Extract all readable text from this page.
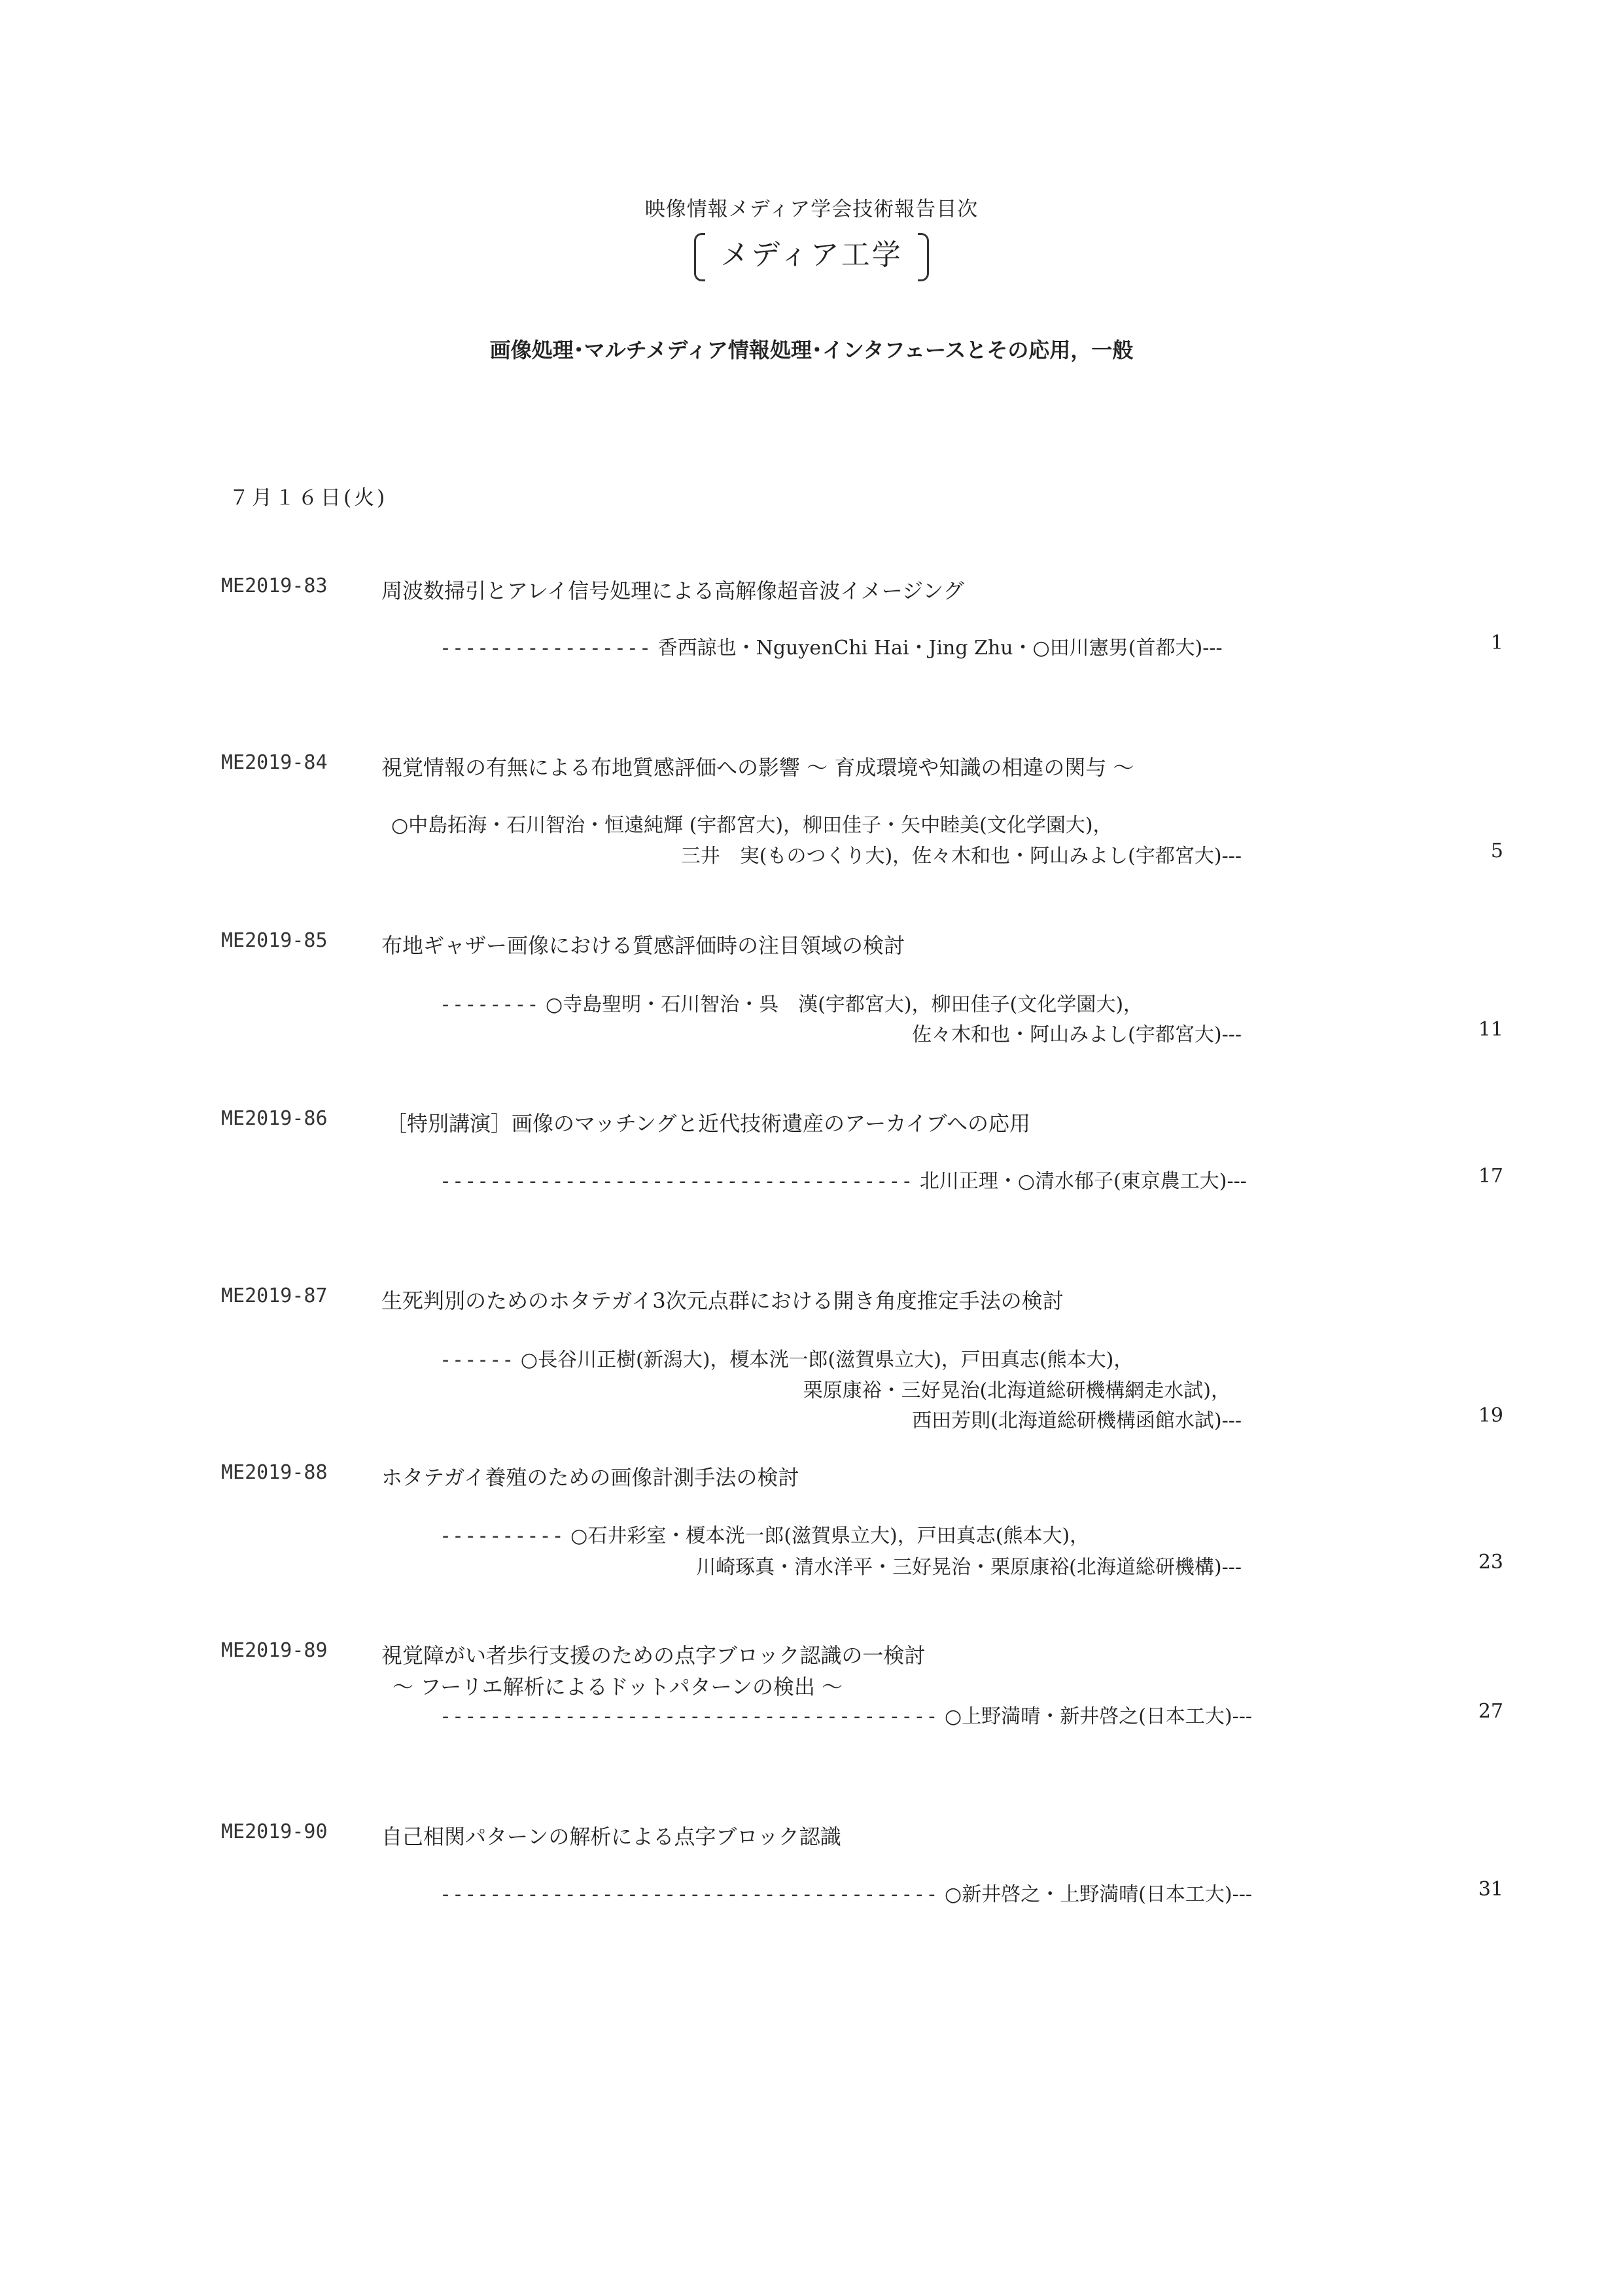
映像情報メディア学会技術報告目次
メディア工学
画像処理･マルチメディア情報処理･インタフェースとその応用，一般
７月１６日(火)
ME2019-83	周波数掃引とアレイ信号処理による高解像超音波イメージング
----------------- 香西諒也・NguyenChi Hai・Jing Zhu・○田川憲男(首都大)---	1
ME2019-84	視覚情報の有無による布地質感評価への影響 ～ 育成環境や知識の相違の関与 ～
○中島拓海・石川智治・恒遠純輝 (宇都宮大)，柳田佳子・矢中睦美(文化学園大)，
三井　実(ものつくり大)，佐々木和也・阿山みよし(宇都宮大)---	5
ME2019-85	布地ギャザー画像における質感評価時の注目領域の検討
-------- ○寺島聖明・石川智治・呉　漢(宇都宮大)，柳田佳子(文化学園大)，
佐々木和也・阿山みよし(宇都宮大)---	11
ME2019-86	［特別講演］画像のマッチングと近代技術遺産のアーカイブへの応用
-------------------------------------- 北川正理・○清水郁子(東京農工大)---	17
ME2019-87	生死判別のためのホタテガイ3次元点群における開き角度推定手法の検討
------ ○長谷川正樹(新潟大)，榎本洸一郎(滋賀県立大)，戸田真志(熊本大)，
栗原康裕・三好晃治(北海道総研機構網走水試)，
西田芳則(北海道総研機構函館水試)---	19
ME2019-88	ホタテガイ養殖のための画像計測手法の検討
---------- ○石井彩室・榎本洸一郎(滋賀県立大)，戸田真志(熊本大)，
川崎琢真・清水洋平・三好晃治・栗原康裕(北海道総研機構)---	23
ME2019-89	視覚障がい者歩行支援のための点字ブロック認識の一検討
～ フーリエ解析によるドットパターンの検出 ～
---------------------------------------- ○上野満晴・新井啓之(日本工大)---	27
ME2019-90	自己相関パターンの解析による点字ブロック認識
---------------------------------------- ○新井啓之・上野満晴(日本工大)---	31
